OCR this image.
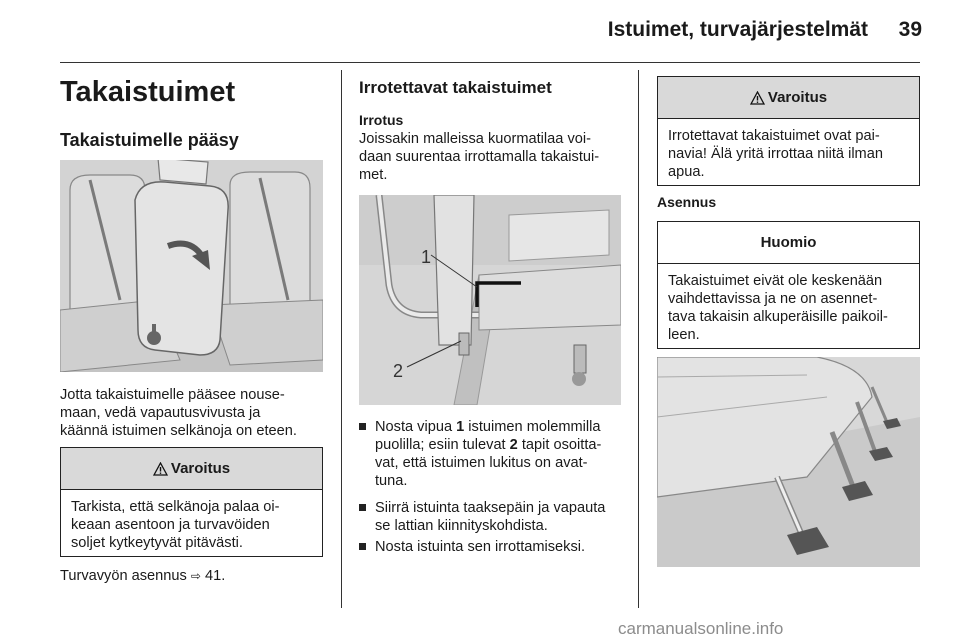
Istuimet, turvajärjestelmät 39
Takaistuimet
Takaistuimelle pääsy
Jotta takaistuimelle pääsee nouse-
maan, vedä vapautusvivusta ja
käännä istuimen selkänoja on eteen.
Varoitus
Tarkista, että selkänoja palaa oi-
keaan asentoon ja turvavöiden
soljet kytkeytyvät pitävästi.
Turvavyön asennus ⇨ 41.
Irrotettavat takaistuimet
Irrotus
Joissakin malleissa kuormatilaa voi-
daan suurentaa irrottamalla takaistui-
met.
1
2
Nosta vipua 1 istuimen molemmilla
puolilla; esiin tulevat 2 tapit osoitta-
vat, että istuimen lukitus on avat-
tuna.
Siirrä istuinta taaksepäin ja vapauta
se lattian kiinnityskohdista.
Nosta istuinta sen irrottamiseksi.
Varoitus
Irrotettavat takaistuimet ovat pai-
navia! Älä yritä irrottaa niitä ilman
apua.
Asennus
Huomio
Takaistuimet eivät ole keskenään
vaihdettavissa ja ne on asennet-
tava takaisin alkuperäisille paikoil-
leen.
carmanualsonline.info
